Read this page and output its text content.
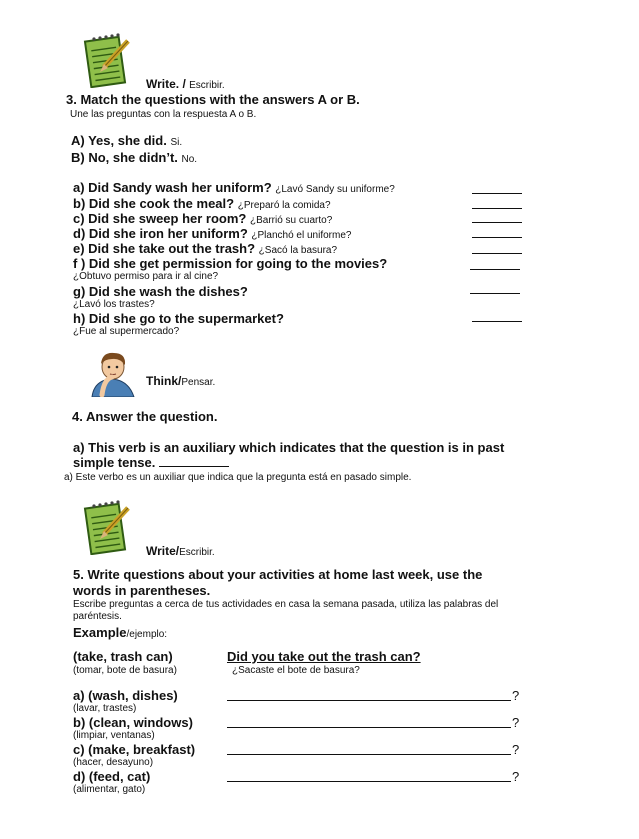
Write. / Escribir.
3. Match the questions with the answers A or B.
Une las preguntas con la respuesta A o B.
A) Yes, she did. Si.
B) No, she didn’t. No.
a) Did Sandy wash her uniform? ¿Lavó Sandy su uniforme?
b) Did she cook the meal? ¿Preparó la comida?
c) Did she sweep her room? ¿Barrió su cuarto?
d) Did she iron her uniform? ¿Planchó el uniforme?
e) Did she take out the trash? ¿Sacó la basura?
f ) Did she get permission for going to the movies?
¿Obtuvo permiso para ir al cine?
g) Did she wash the dishes?
¿Lavó los trastes?
h) Did she go to the supermarket?
¿Fue al supermercado?
Think/Pensar.
4. Answer the question.
a) This verb is an auxiliary which indicates that the question is in past
simple tense.
a) Este verbo es un auxiliar que indica que la pregunta está en pasado simple.
Write/Escribir.
5. Write questions about your activities at home last week, use the
words in parentheses.
Escribe preguntas a cerca de tus actividades en casa la semana pasada, utiliza las palabras del
paréntesis.
Example/ejemplo:
(take, trash can)	Did you take out the trash can?
(tomar, bote de basura)	¿Sacaste el bote de basura?
a) (wash, dishes)
(lavar, trastes)
?
b) (clean, windows)
(limpiar, ventanas)
?
c) (make, breakfast)
(hacer, desayuno)
?
d) (feed, cat)
(alimentar, gato)
?
